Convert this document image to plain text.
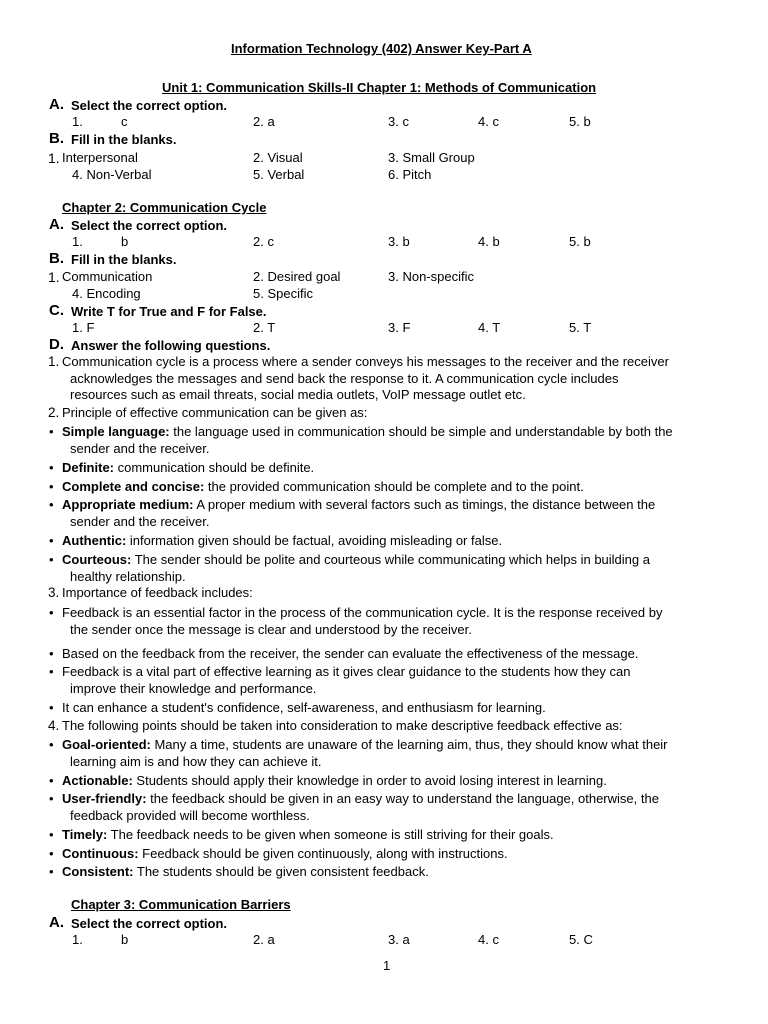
Information Technology (402) Answer Key-Part A
Unit 1: Communication Skills-II Chapter 1: Methods of Communication
A. Select the correct option.
1.	c	2. a	3. c	4. c	5. b
B. Fill in the blanks.
1. Interpersonal	2. Visual	3. Small Group
4. Non-Verbal	5. Verbal	6. Pitch
Chapter 2: Communication Cycle
A. Select the correct option.
1.	b	2. c	3. b	4. b	5. b
B. Fill in the blanks.
1. Communication	2. Desired goal	3. Non-specific
4. Encoding	5. Specific
C. Write T for True and F for False.
1. F	2. T	3. F	4. T	5. T
D. Answer the following questions.
1. Communication cycle is a process where a sender conveys his messages to the receiver and the receiver
acknowledges the messages and send back the response to it. A communication cycle includes
resources such as email threats, social media outlets, VoIP message outlet etc.
2. Principle of effective communication can be given as:
• Simple language: the language used in communication should be simple and understandable by both the
sender and the receiver.
• Definite: communication should be definite.
• Complete and concise: the provided communication should be complete and to the point.
• Appropriate medium: A proper medium with several factors such as timings, the distance between the
sender and the receiver.
• Authentic: information given should be factual, avoiding misleading or false.
• Courteous: The sender should be polite and courteous while communicating which helps in building a
healthy relationship.
3. Importance of feedback includes:
• Feedback is an essential factor in the process of the communication cycle. It is the response received by
the sender once the message is clear and understood by the receiver.
• Based on the feedback from the receiver, the sender can evaluate the effectiveness of the message.
• Feedback is a vital part of effective learning as it gives clear guidance to the students how they can
improve their knowledge and performance.
• It can enhance a student's confidence, self-awareness, and enthusiasm for learning.
4. The following points should be taken into consideration to make descriptive feedback effective as:
• Goal-oriented: Many a time, students are unaware of the learning aim, thus, they should know what their
learning aim is and how they can achieve it.
• Actionable: Students should apply their knowledge in order to avoid losing interest in learning.
• User-friendly: the feedback should be given in an easy way to understand the language, otherwise, the
feedback provided will become worthless.
• Timely: The feedback needs to be given when someone is still striving for their goals.
• Continuous: Feedback should be given continuously, along with instructions.
• Consistent: The students should be given consistent feedback.
Chapter 3: Communication Barriers
A. Select the correct option.
1.	b	2. a	3. a	4. c	5. C
1
